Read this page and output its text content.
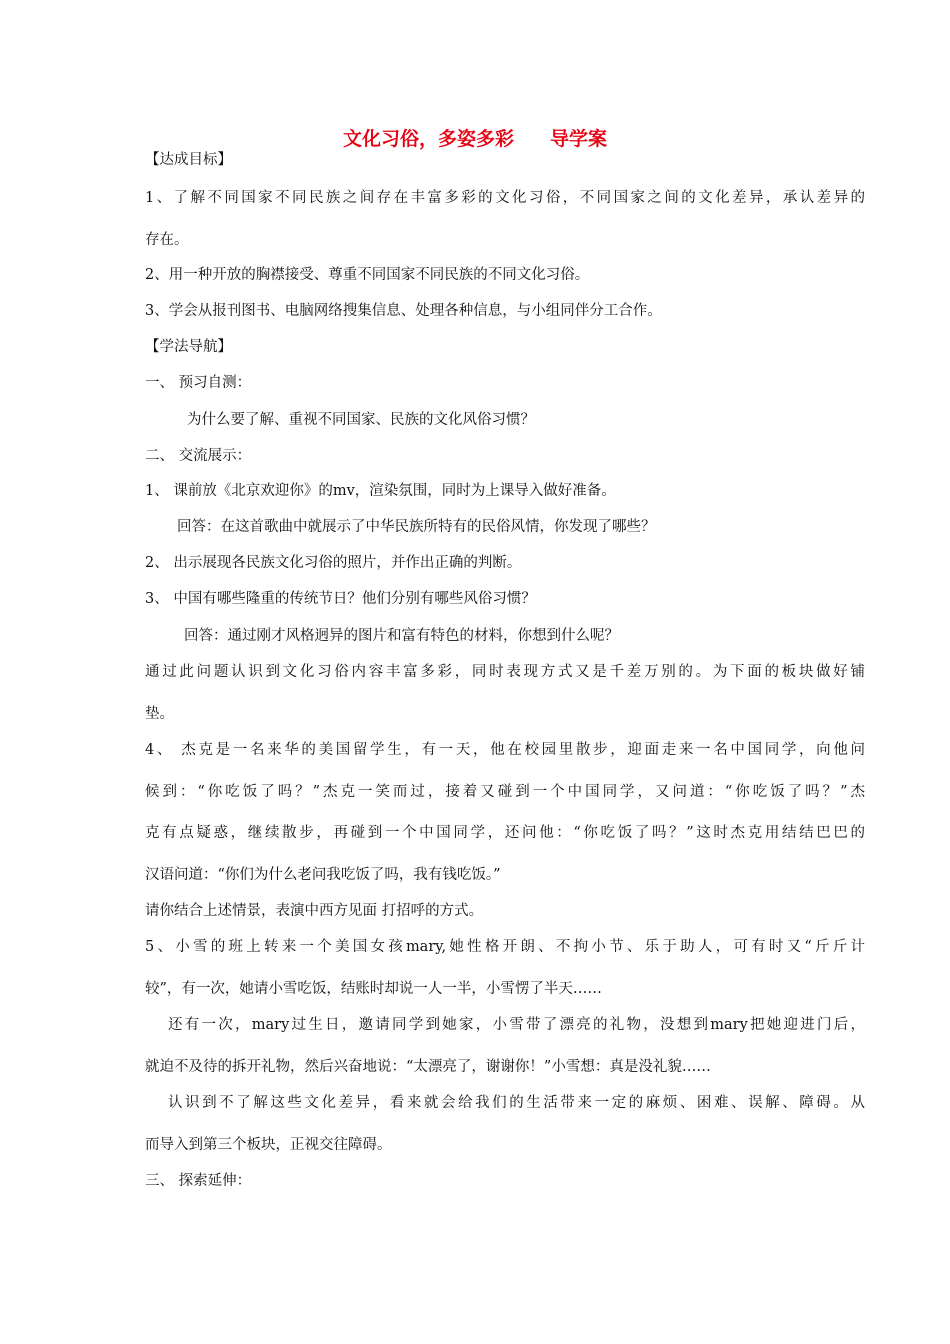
文化习俗，多姿多彩 导学案
【达成目标】
1、了解不同国家不同民族之间存在丰富多彩的文化习俗，不同国家之间的文化差异，承认差异的
存在。
2、用一种开放的胸襟接受、尊重不同国家不同民族的不同文化习俗。
3、学会从报刊图书、电脑网络搜集信息、处理各种信息，与小组同伴分工合作。
【学法导航】
一、 预习自测：
为什么要了解、重视不同国家、民族的文化风俗习惯？
二、 交流展示：
1、 课前放《北京欢迎你》的mv，渲染氛围，同时为上课导入做好准备。
回答：在这首歌曲中就展示了中华民族所特有的民俗风情，你发现了哪些？
2、 出示展现各民族文化习俗的照片，并作出正确的判断。
3、 中国有哪些隆重的传统节日？他们分别有哪些风俗习惯？
回答：通过刚才风格迥异的图片和富有特色的材料，你想到什么呢？
通过此问题认识到文化习俗内容丰富多彩，同时表现方式又是千差万别的。为下面的板块做好铺
垫。
4、 杰克是一名来华的美国留学生，有一天，他在校园里散步，迎面走来一名中国同学，向他问
候到：“你吃饭了吗？”杰克一笑而过，接着又碰到一个中国同学，又问道：“你吃饭了吗？”杰
克有点疑惑，继续散步，再碰到一个中国同学，还问他：“你吃饭了吗？”这时杰克用结结巴巴的
汉语问道：“你们为什么老问我吃饭了吗，我有钱吃饭。”
请你结合上述情景，表演中西方见面 打招呼的方式。
5、小雪的班上转来一个美国女孩mary,她性格开朗、不拘小节、乐于助人，可有时又“斤斤计
较”，有一次，她请小雪吃饭，结账时却说一人一半，小雪愣了半天……
还有一次，mary过生日，邀请同学到她家，小雪带了漂亮的礼物，没想到mary把她迎进门后，
就迫不及待的拆开礼物，然后兴奋地说：“太漂亮了，谢谢你！”小雪想：真是没礼貌……
认识到不了解这些文化差异，看来就会给我们的生活带来一定的麻烦、困难、误解、障碍。从
而导入到第三个板块，正视交往障碍。
三、 探索延伸：
